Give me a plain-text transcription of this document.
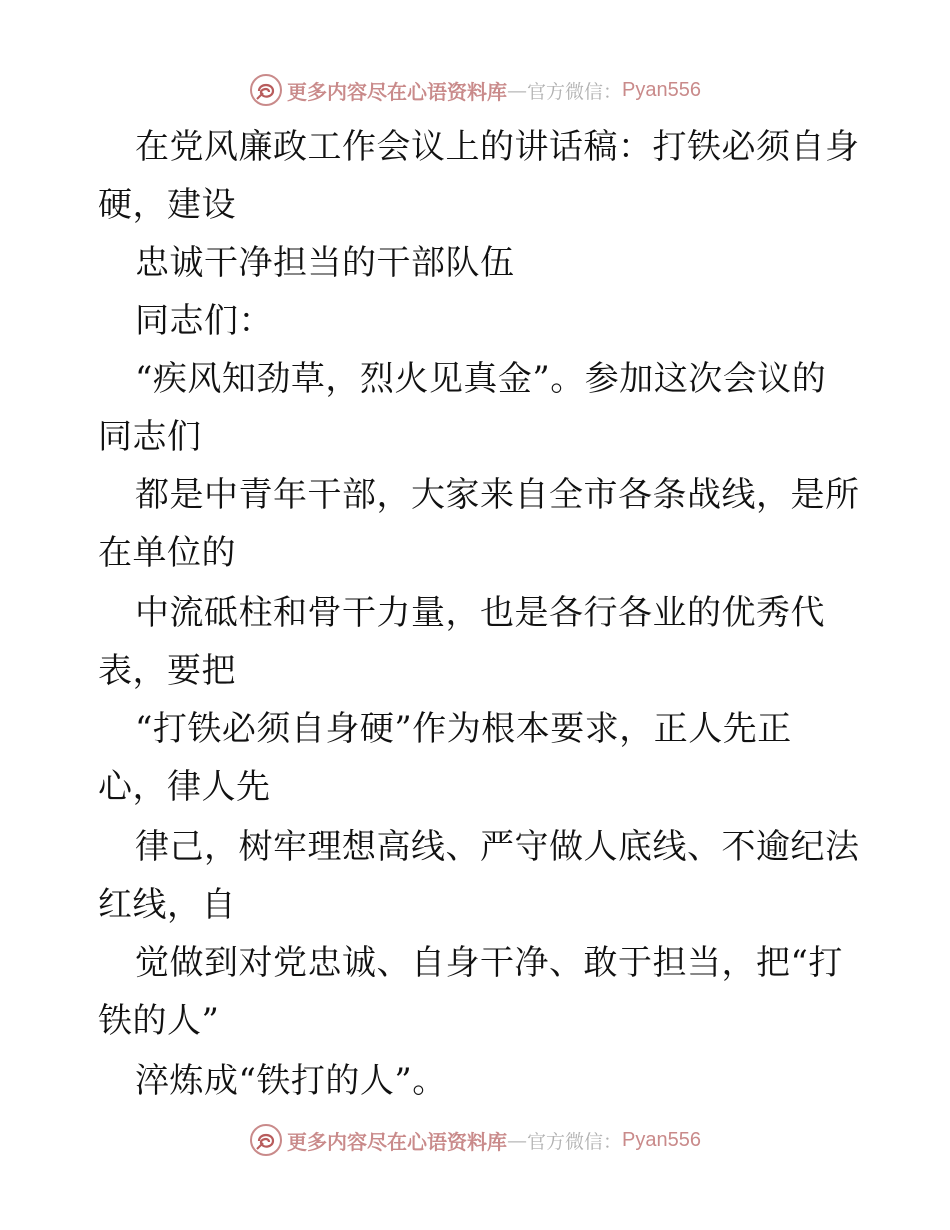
更多内容尽在心语资料库 — 官方微信： Pyan556
在党风廉政工作会议上的讲话稿：打铁必须自身
硬，建设
忠诚干净担当的干部队伍
同志们：
“疾风知劲草，烈火见真金”。参加这次会议的
同志们
都是中青年干部，大家来自全市各条战线，是所
在单位的
中流砥柱和骨干力量，也是各行各业的优秀代
表，要把
“打铁必须自身硬”作为根本要求，正人先正
心，律人先
律己，树牢理想高线、严守做人底线、不逾纪法
红线，自
觉做到对党忠诚、自身干净、敢于担当，把“打
铁的人”
淬炼成“铁打的人”。
更多内容尽在心语资料库 — 官方微信： Pyan556
